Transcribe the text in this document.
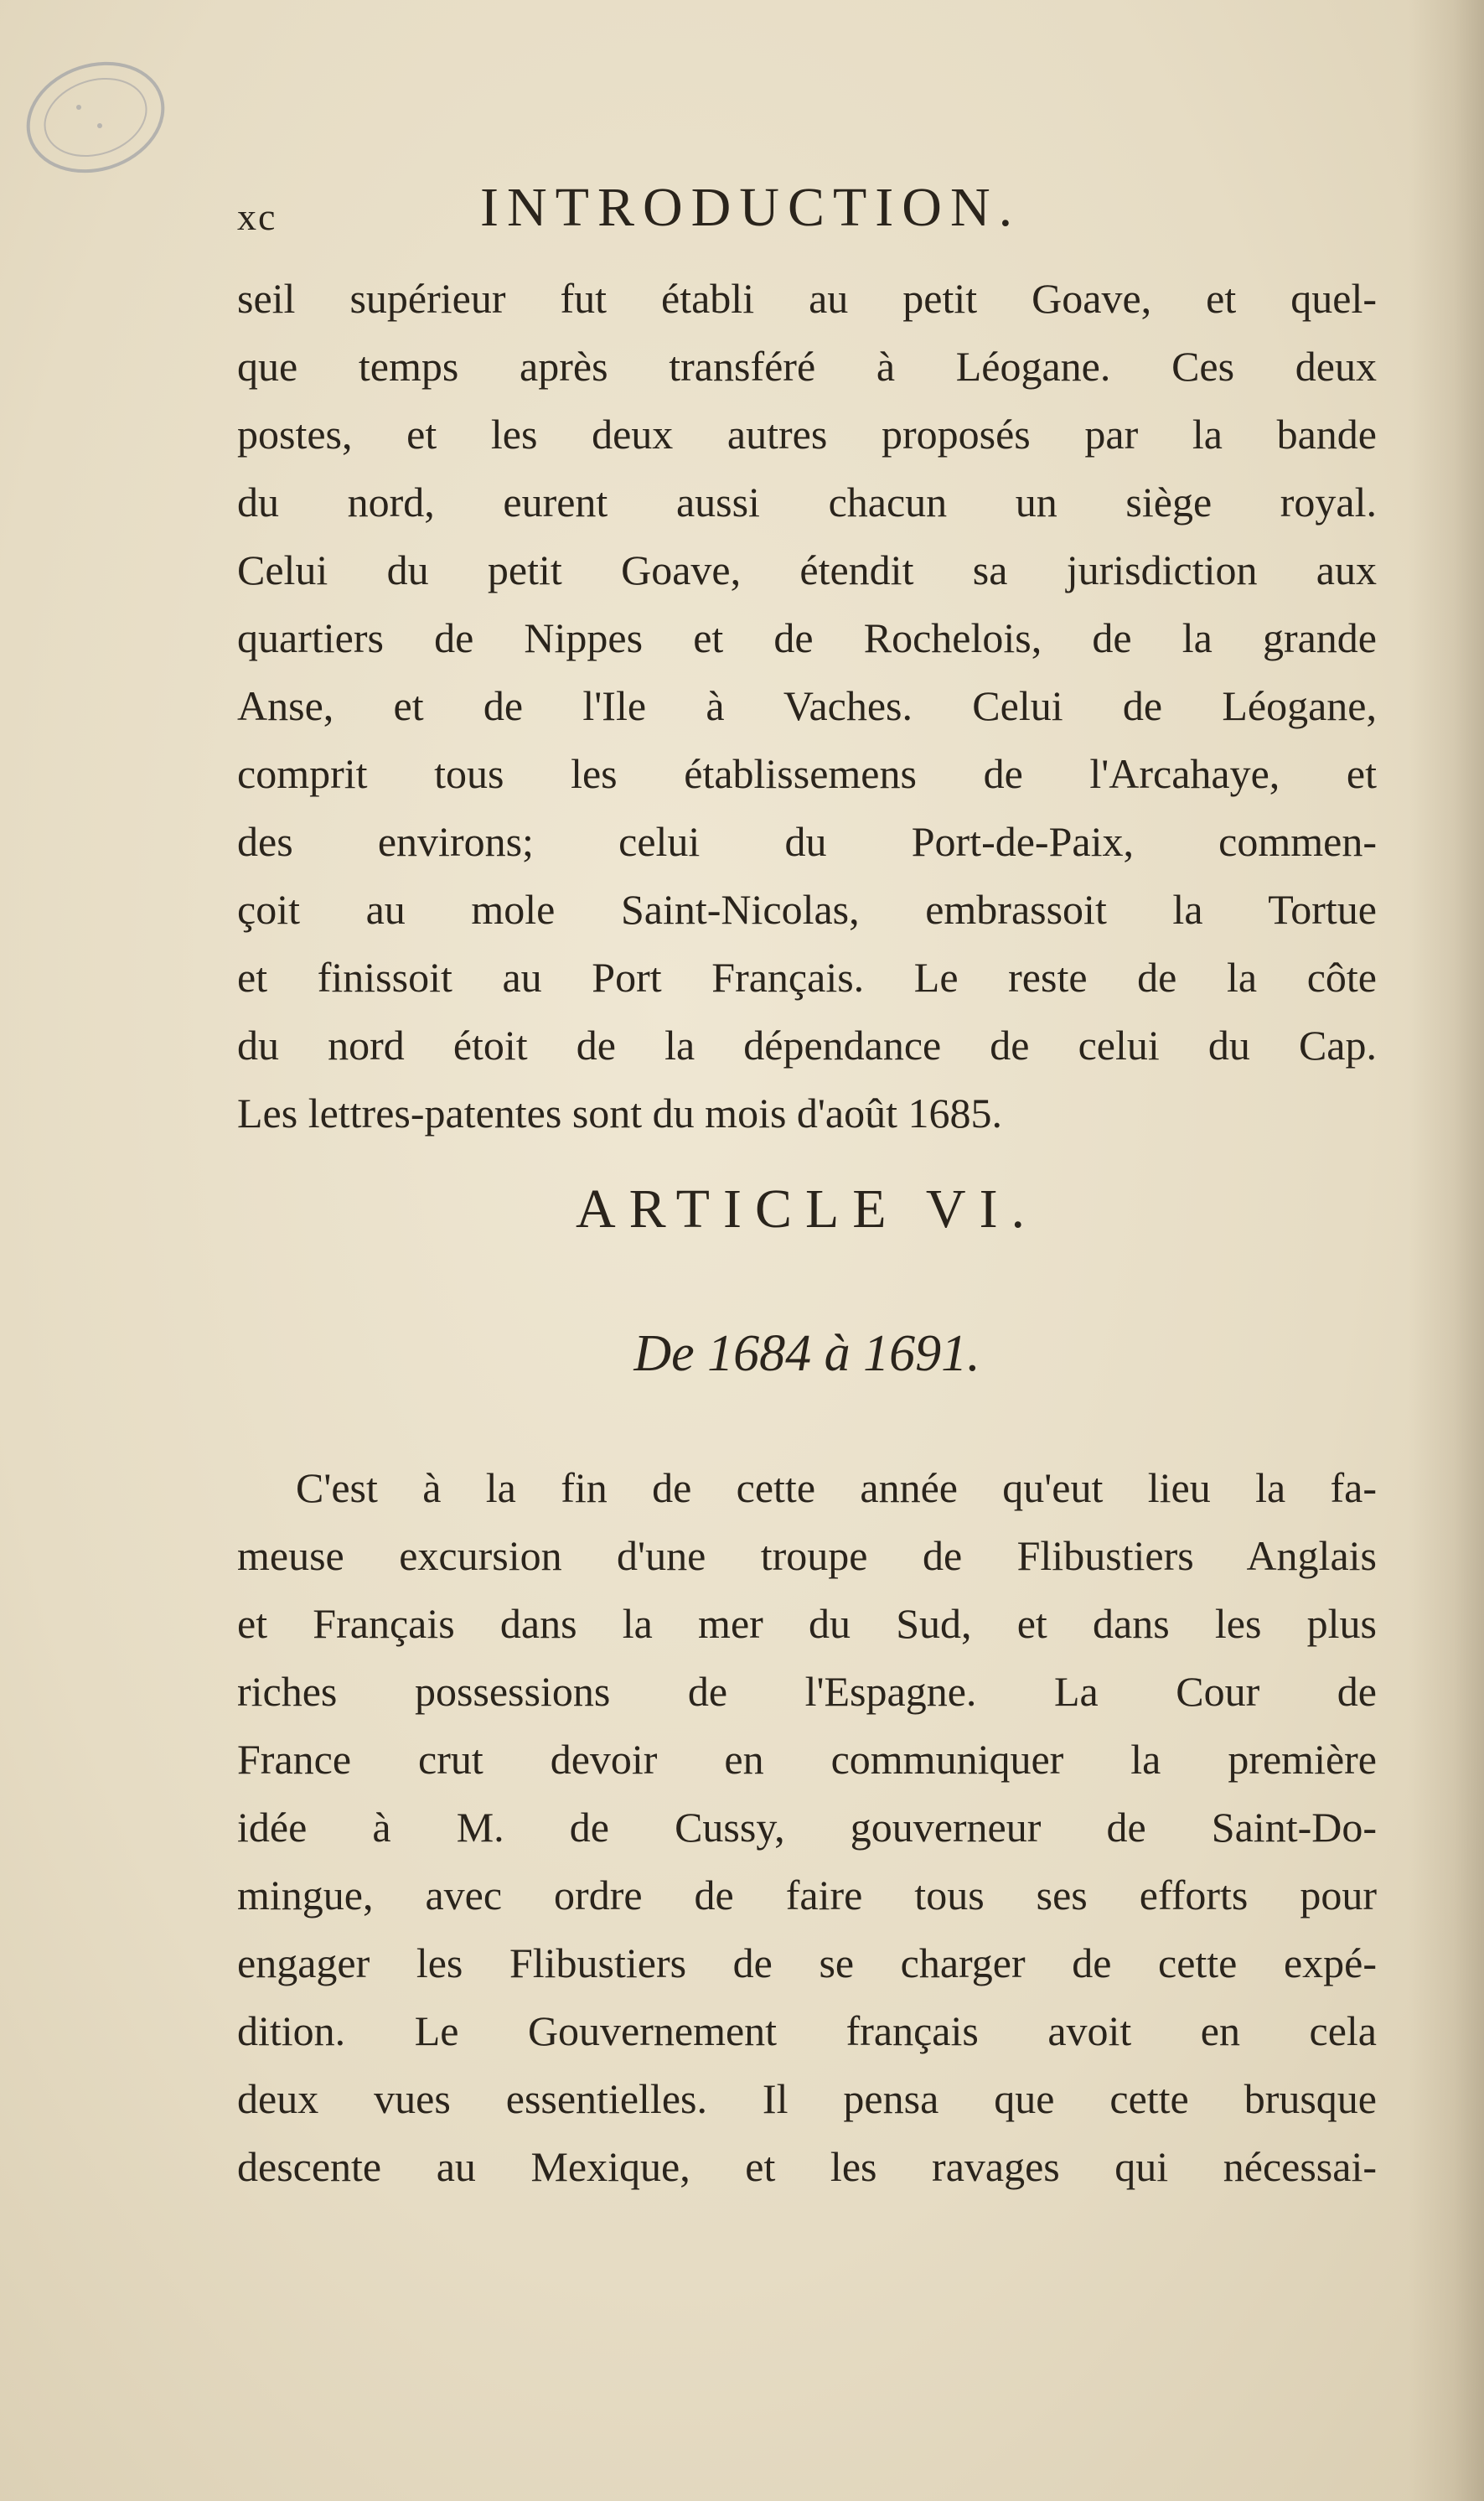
xc	INTRODUCTION.
seil supérieur fut établi au petit Goave, et quel-
que temps après transféré à Léogane. Ces deux
postes, et les deux autres proposés par la bande
du nord, eurent aussi chacun un siège royal.
Celui du petit Goave, étendit sa jurisdiction aux
quartiers de Nippes et de Rochelois, de la grande
Anse, et de l'Ile à Vaches. Celui de Léogane,
comprit tous les établissemens de l'Arcahaye, et
des environs; celui du Port-de-Paix, commen-
çoit au mole Saint-Nicolas, embrassoit la Tortue
et finissoit au Port Français. Le reste de la côte
du nord étoit de la dépendance de celui du Cap.
Les lettres-patentes sont du mois d'août 1685.
ARTICLE VI.
De 1684 à 1691.
C'est à la fin de cette année qu'eut lieu la fa-
meuse excursion d'une troupe de Flibustiers Anglais
et Français dans la mer du Sud, et dans les plus
riches possessions de l'Espagne. La Cour de
France crut devoir en communiquer la première
idée à M. de Cussy, gouverneur de Saint-Do-
mingue, avec ordre de faire tous ses efforts pour
engager les Flibustiers de se charger de cette expé-
dition. Le Gouvernement français avoit en cela
deux vues essentielles. Il pensa que cette brusque
descente au Mexique, et les ravages qui nécessai-
